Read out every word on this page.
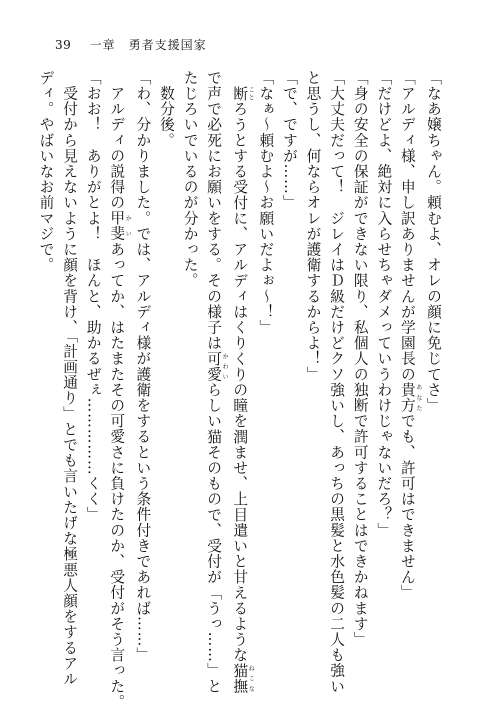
39 一章　勇者支援国家
「なあ嬢ちゃん。頼むよ、オレの顔に免じてさ」
「アルディ様、申し訳ありませんが学園長の貴方 あなたでも、許可はできません」
「だけどよ、絶対に入らせちゃダメっていうわけじゃないだろ？」
「身の安全の保証ができない限り、私個人の独断で許可することはできかねます」
「大丈夫だって！　ジレイはＤ級だけどクソ強いし、あっちの黒髪と水色髪の二人も強い
と思うし、何ならオレが護衛するからよ！」
「で、ですが……」
「なぁ～頼むよ～お願いだよぉ～！」
　断 ことろうとする受付に、アルディはくりくりの瞳を潤ませ、上目遣いと甘えるような猫撫 ねこな
で声で必死にお願いをする。その様子は可愛 かわいらしい猫そのもので、受付が「うっ……」と
たじろいでいるのが分かった。
　数分後。
「わ、分かりました。では、アルディ様が護衛をするという条件付きであれば……」
　アルディの説得の甲斐 かいあってか、はたまたその可愛さに負けたのか、受付がそう言った。
「おお！　ありがとよ！　ほんと、助かるぜぇ……………くく」
　受付から見えないように顔を背け、「計画通り」とでも言いたげな極悪人顔をするアル
ディ。やばいなお前マジで。
